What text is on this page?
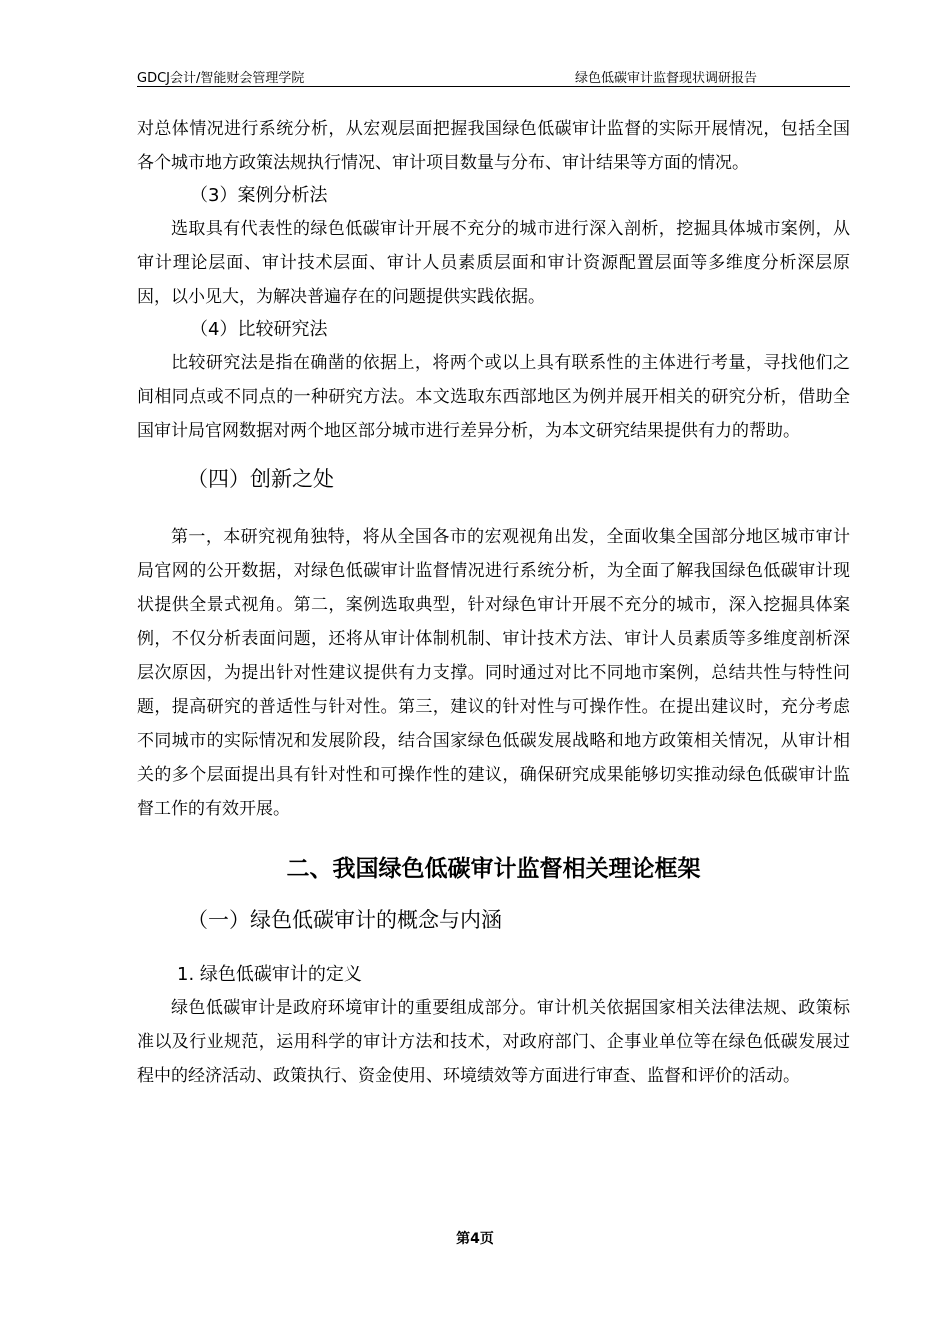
GDCJ会计/智能财会管理学院	绿色低碳审计监督现状调研报告

对总体情况进行系统分析，从宏观层面把握我国绿色低碳审计监督的实际开展情况，包括全国各个城市地方政策法规执行情况、审计项目数量与分布、审计结果等方面的情况。

（3）案例分析法

选取具有代表性的绿色低碳审计开展不充分的城市进行深入剖析，挖掘具体城市案例，从审计理论层面、审计技术层面、审计人员素质层面和审计资源配置层面等多维度分析深层原因，以小见大，为解决普遍存在的问题提供实践依据。

（4）比较研究法

比较研究法是指在确凿的依据上，将两个或以上具有联系性的主体进行考量，寻找他们之间相同点或不同点的一种研究方法。本文选取东西部地区为例并展开相关的研究分析，借助全国审计局官网数据对两个地区部分城市进行差异分析，为本文研究结果提供有力的帮助。

（四）创新之处

第一，本研究视角独特，将从全国各市的宏观视角出发，全面收集全国部分地区城市审计局官网的公开数据，对绿色低碳审计监督情况进行系统分析，为全面了解我国绿色低碳审计现状提供全景式视角。第二，案例选取典型，针对绿色审计开展不充分的城市，深入挖掘具体案例，不仅分析表面问题，还将从审计体制机制、审计技术方法、审计人员素质等多维度剖析深层次原因，为提出针对性建议提供有力支撑。同时通过对比不同地市案例，总结共性与特性问题，提高研究的普适性与针对性。第三，建议的针对性与可操作性。在提出建议时，充分考虑不同城市的实际情况和发展阶段，结合国家绿色低碳发展战略和地方政策相关情况，从审计相关的多个层面提出具有针对性和可操作性的建议，确保研究成果能够切实推动绿色低碳审计监督工作的有效开展。

二、我国绿色低碳审计监督相关理论框架

（一）绿色低碳审计的概念与内涵

1. 绿色低碳审计的定义

绿色低碳审计是政府环境审计的重要组成部分。审计机关依据国家相关法律法规、政策标准以及行业规范，运用科学的审计方法和技术，对政府部门、企事业单位等在绿色低碳发展过程中的经济活动、政策执行、资金使用、环境绩效等方面进行审查、监督和评价的活动。

第4页
